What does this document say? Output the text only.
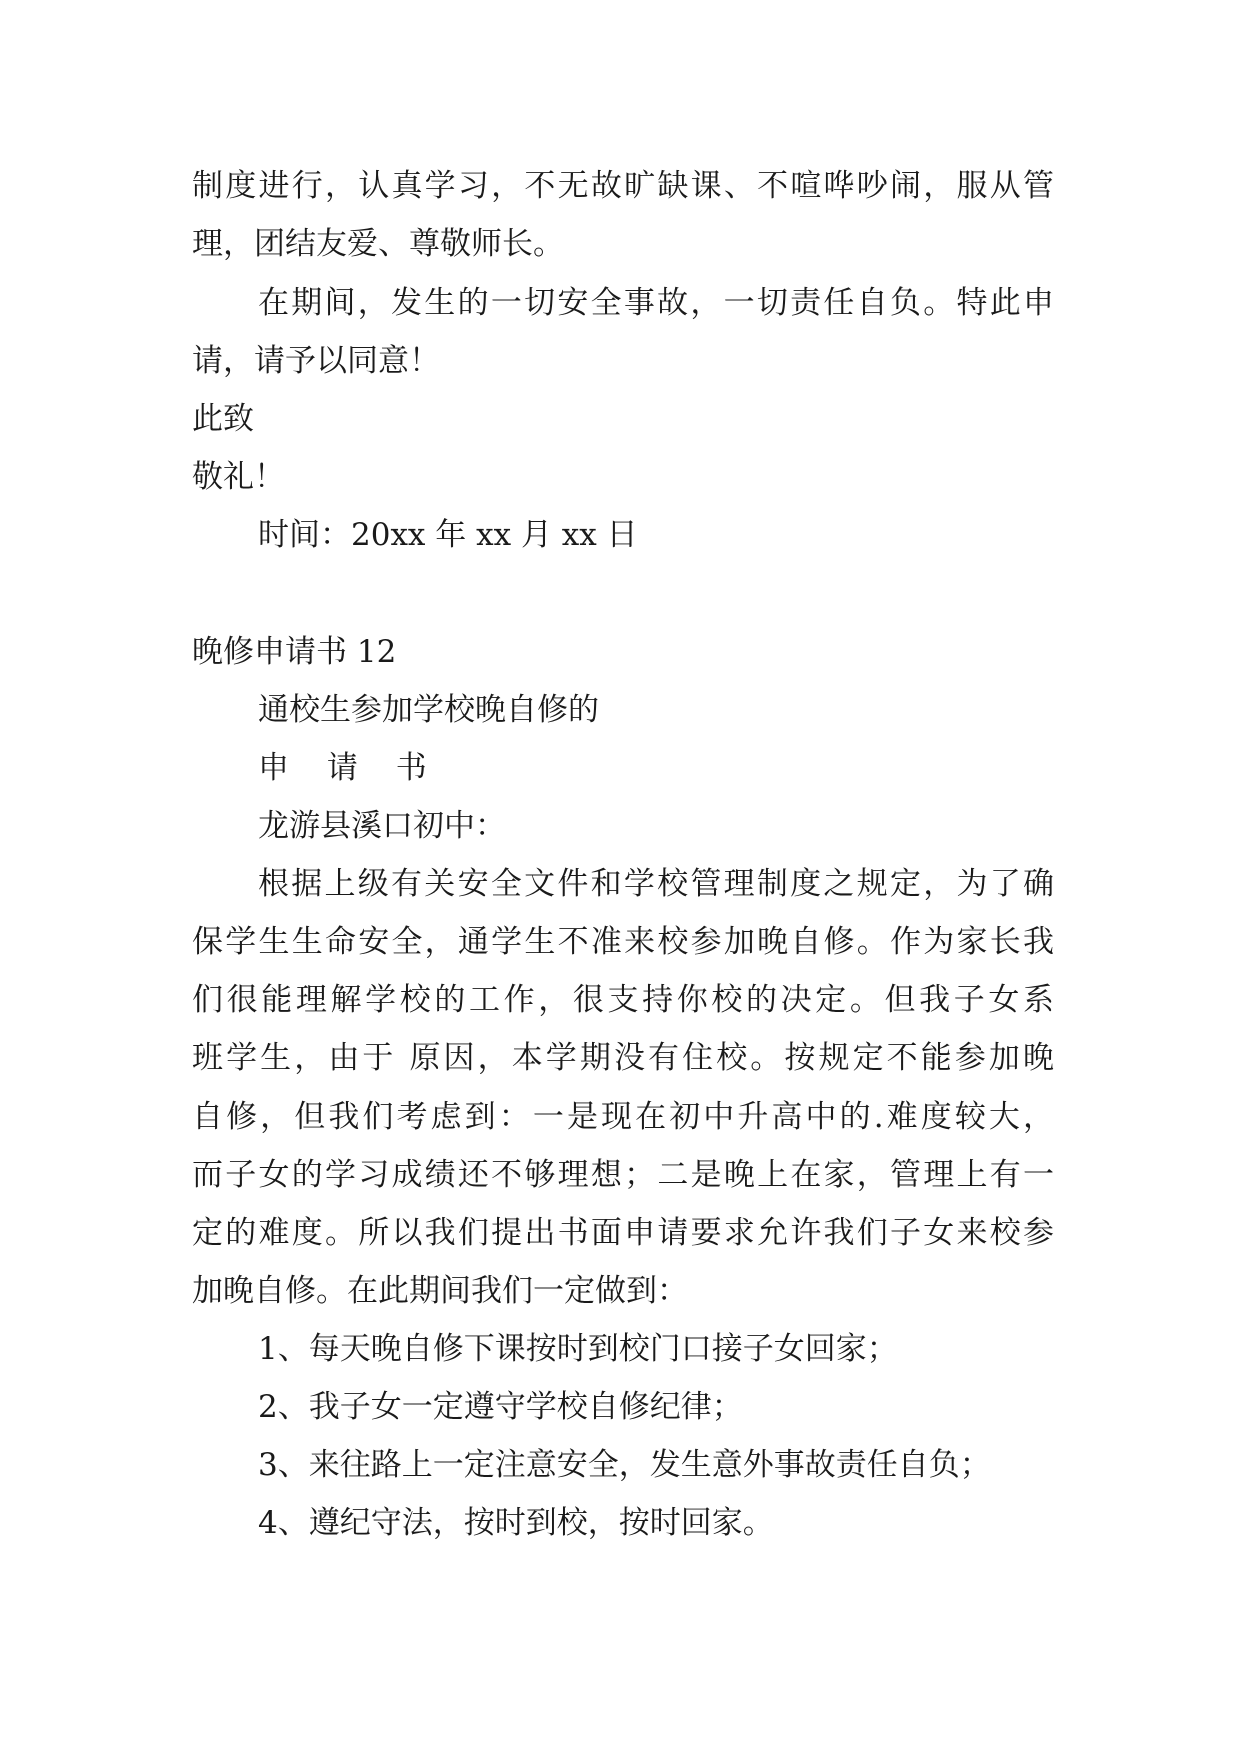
制度进行，认真学习，不无故旷缺课、不喧哗吵闹，服从管
理，团结友爱、尊敬师长。
在期间，发生的一切安全事故，一切责任自负。特此申
请，请予以同意！
此致
敬礼！
时间：20xx 年 xx 月 xx 日
晚修申请书 12
通校生参加学校晚自修的
申 请 书
龙游县溪口初中：
根据上级有关安全文件和学校管理制度之规定，为了确
保学生生命安全，通学生不准来校参加晚自修。作为家长我
们很能理解学校的工作，很支持你校的决定。但我子女系
班学生，由于 原因，本学期没有住校。按规定不能参加晚
自修，但我们考虑到：一是现在初中升高中的.难度较大，
而子女的学习成绩还不够理想；二是晚上在家，管理上有一
定的难度。所以我们提出书面申请要求允许我们子女来校参
加晚自修。在此期间我们一定做到：
1、每天晚自修下课按时到校门口接子女回家；
2、我子女一定遵守学校自修纪律；
3、来往路上一定注意安全，发生意外事故责任自负；
4、遵纪守法，按时到校，按时回家。
